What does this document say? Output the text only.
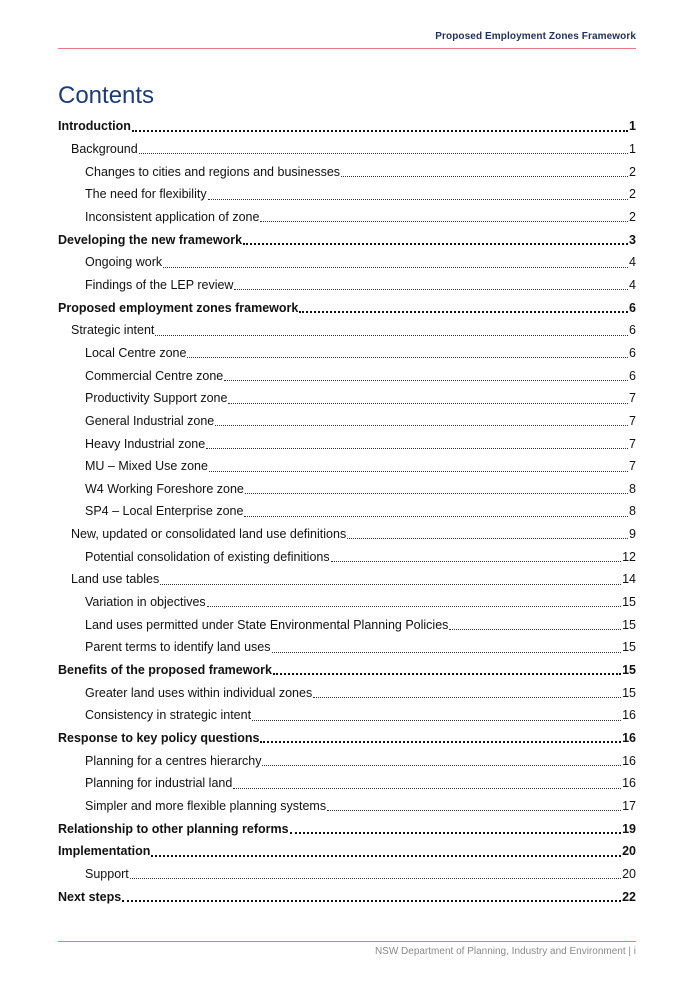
Proposed Employment Zones Framework
Contents
Introduction	1
Background	1
Changes to cities and regions and businesses	2
The need for flexibility	2
Inconsistent application of zone	2
Developing the new framework	3
Ongoing work	4
Findings of the LEP review	4
Proposed employment zones framework	6
Strategic intent	6
Local Centre zone	6
Commercial Centre zone	6
Productivity Support zone	7
General Industrial zone	7
Heavy Industrial zone	7
MU – Mixed Use zone	7
W4 Working Foreshore zone	8
SP4 – Local Enterprise zone	8
New, updated or consolidated land use definitions	9
Potential consolidation of existing definitions	12
Land use tables	14
Variation in objectives	15
Land uses permitted under State Environmental Planning Policies	15
Parent terms to identify land uses	15
Benefits of the proposed framework	15
Greater land uses within individual zones	15
Consistency in strategic intent	16
Response to key policy questions	16
Planning for a centres hierarchy	16
Planning for industrial land	16
Simpler and more flexible planning systems	17
Relationship to other planning reforms	19
Implementation	20
Support	20
Next steps	22
NSW Department of Planning, Industry and Environment | i
